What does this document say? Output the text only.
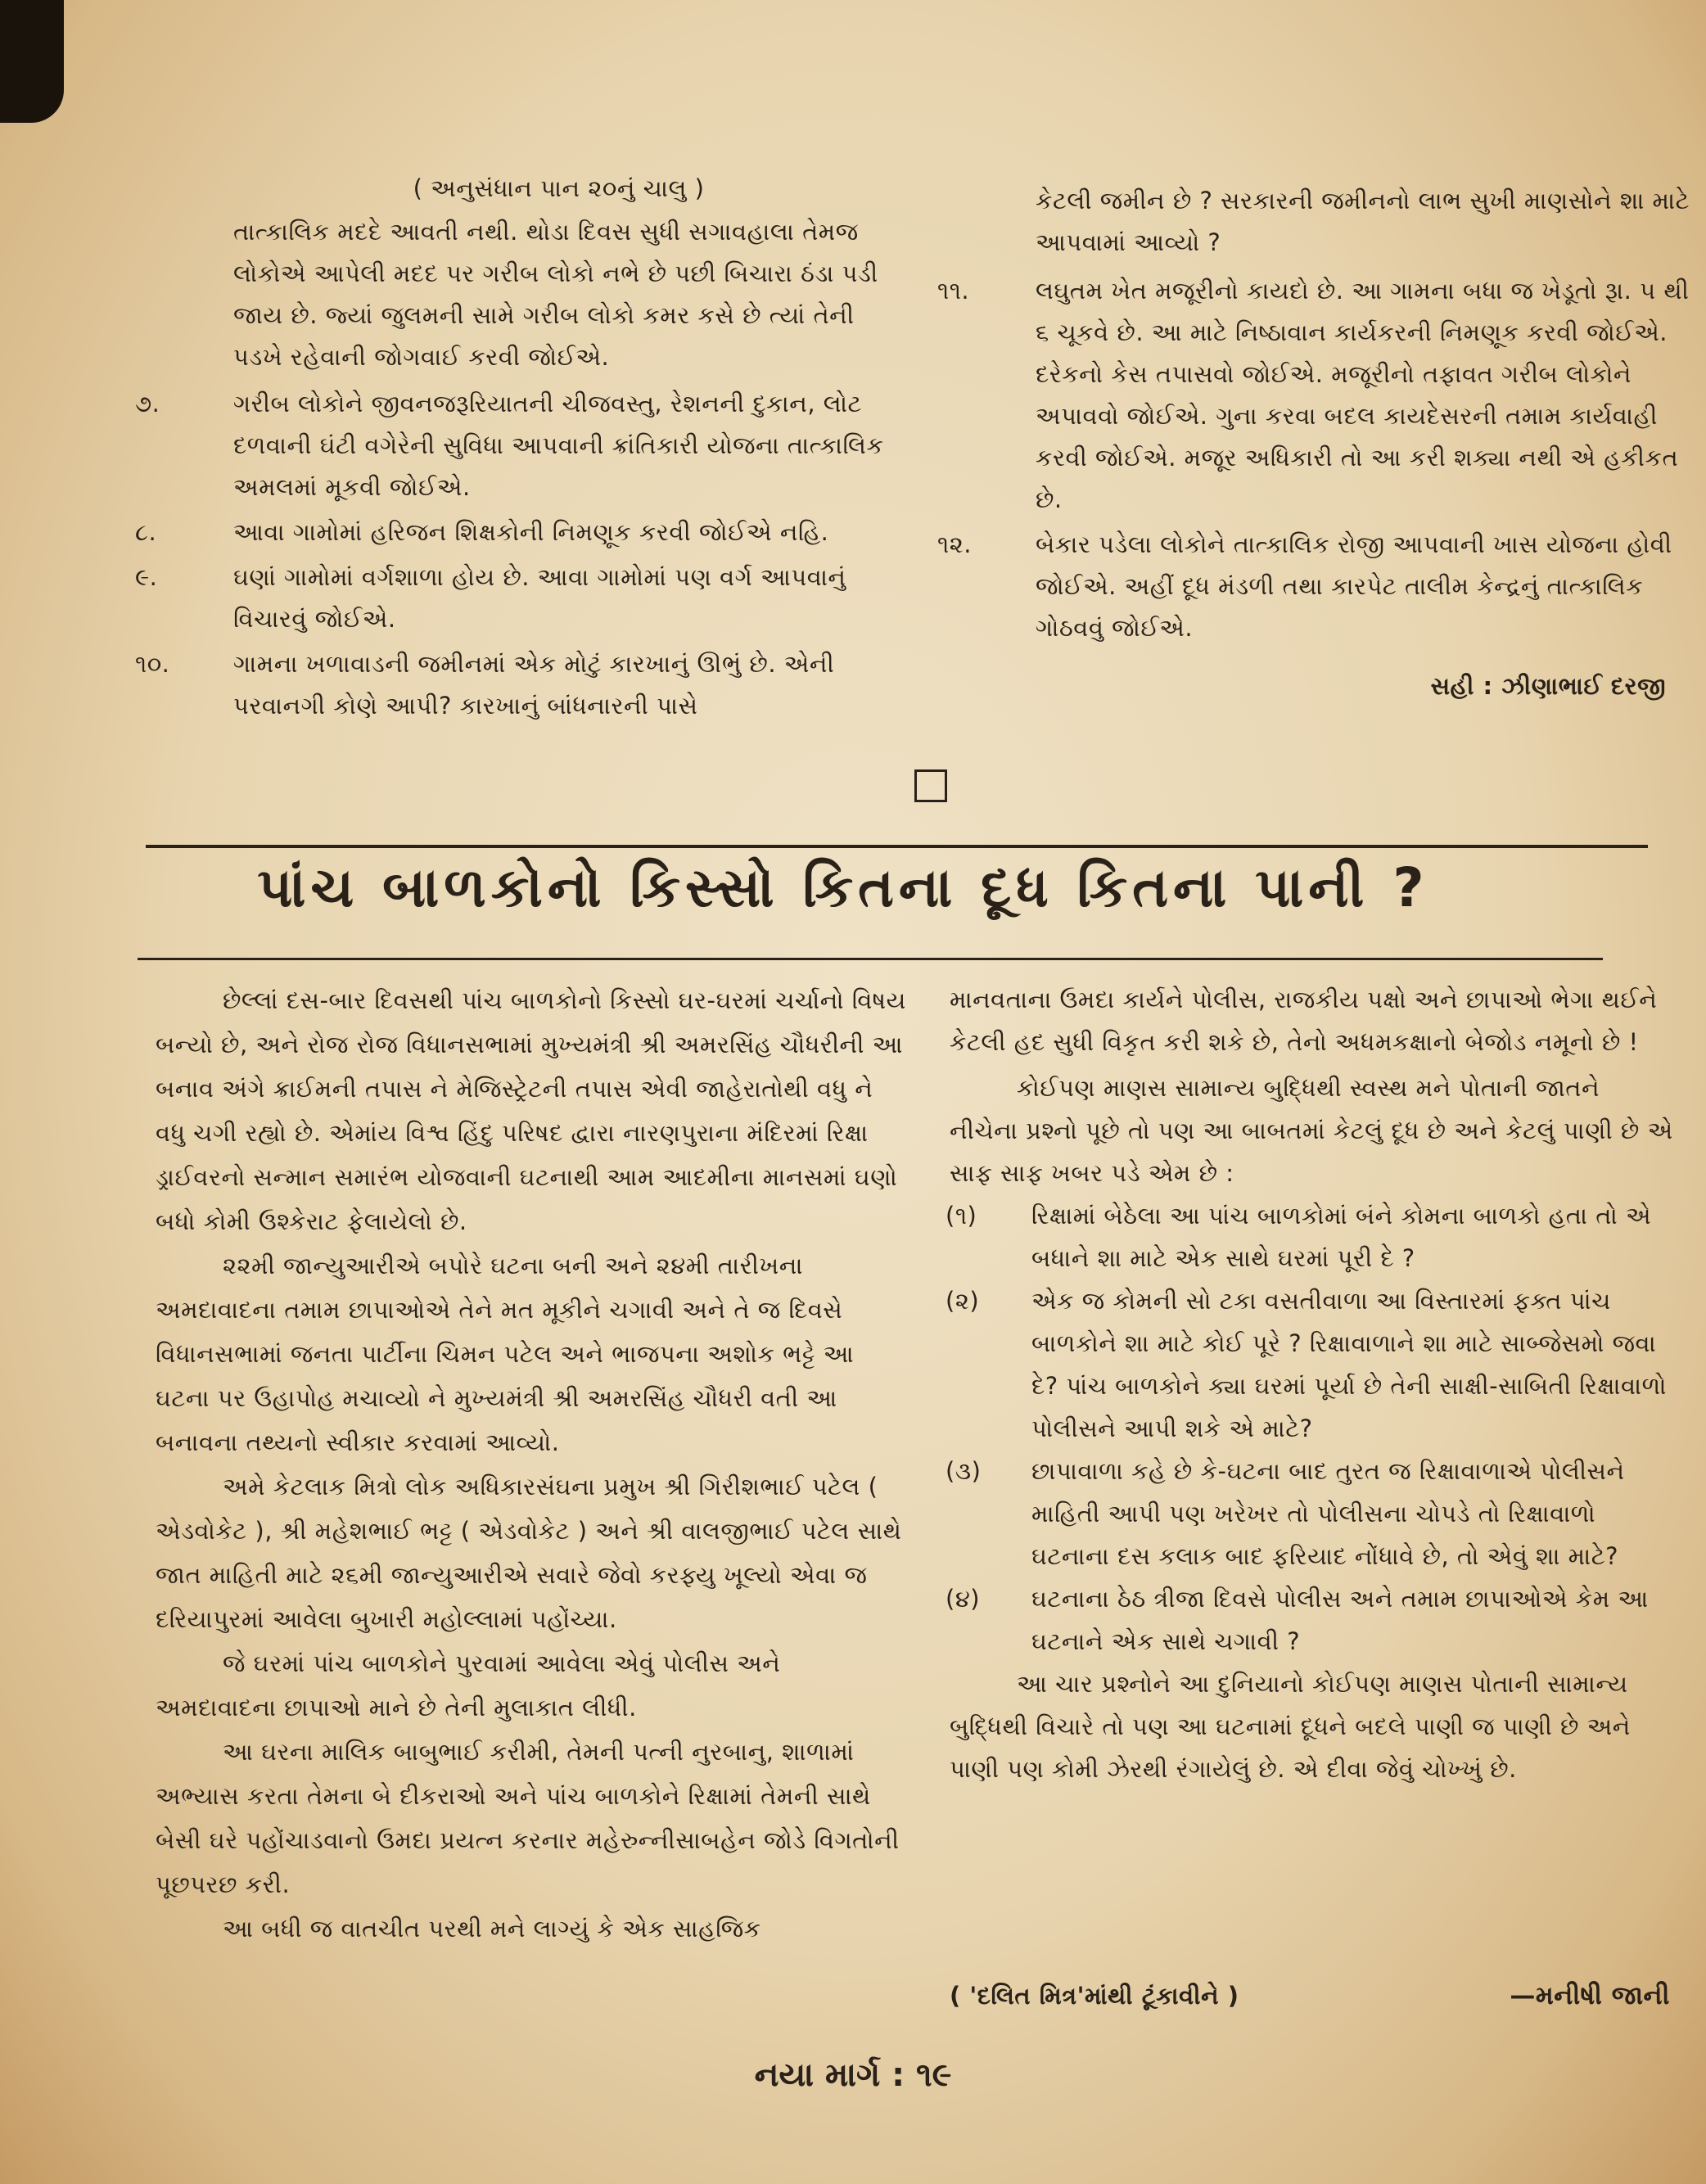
( અનુસંધાન પાન ૨૦નું ચાલુ )
તાત્કાલિક મદદે આવતી નથી. થોડા દિવસ સુધી સગાવહાલા તેમજ લોકોએ આપેલી મદદ પર ગરીબ લોકો નભે છે પછી બિચારા ઠંડા પડી જાય છે. જ્યાં જુલમની સામે ગરીબ લોકો કમર કસે છે ત્યાં તેની પડખે રહેવાની જોગવાઈ કરવી જોઈએ.
૭.	ગરીબ લોકોને જીવનજરૂરિયાતની ચીજવસ્તુ, રેશનની દુકાન, લોટ દળવાની ઘંટી વગેરેની સુવિધા આપવાની ક્રાંતિકારી યોજના તાત્કાલિક અમલમાં મૂકવી જોઈએ.
૮.	આવા ગામોમાં હરિજન શિક્ષકોની નિમણૂક કરવી જોઈએ નહિ.
૯.	ઘણાં ગામોમાં વર્ગશાળા હોય છે. આવા ગામોમાં પણ વર્ગ આપવાનું વિચારવું જોઈએ.
૧૦.	ગામના ખળાવાડની જમીનમાં એક મોટું કારખાનું ઊભું છે. એની પરવાનગી કોણે આપી? કારખાનું બાંધનારની પાસે
કેટલી જમીન છે ? સરકારની જમીનનો લાભ સુખી માણસોને શા માટે આપવામાં આવ્યો ?
૧૧.	લઘુતમ ખેત મજૂરીનો કાયદો છે. આ ગામના બધા જ ખેડૂતો રૂા. ૫ થી ૬ ચૂકવે છે. આ માટે નિષ્ઠાવાન કાર્યકરની નિમણૂક કરવી જોઈએ. દરેકનો કેસ તપાસવો જોઈએ. મજૂરીનો તફાવત ગરીબ લોકોને અપાવવો જોઈએ. ગુના કરવા બદલ કાયદેસરની તમામ કાર્યવાહી કરવી જોઈએ. મજૂર અધિકારી તો આ કરી શક્યા નથી એ હકીકત છે.
૧૨.	બેકાર પડેલા લોકોને તાત્કાલિક રોજી આપવાની ખાસ યોજના હોવી જોઈએ. અહીં દૂધ મંડળી તથા કારપેટ તાલીમ કેન્દ્રનું તાત્કાલિક ગોઠવવું જોઈએ.
સહી : ઝીણાભાઈ દરજી
પાંચ બાળકોનો કિસ્સો કિતના દૂધ કિતના પાની ?
છેલ્લાં દસ-બાર દિવસથી પાંચ બાળકોનો કિસ્સો ઘર-ઘરમાં ચર્ચાનો વિષય બન્યો છે, અને રોજ રોજ વિધાનસભામાં મુખ્યમંત્રી શ્રી અમરસિંહ ચૌધરીની આ બનાવ અંગે ક્રાઈમની તપાસ ને મેજિસ્ટ્રેટની તપાસ એવી જાહેરાતોથી વધુ ને વધુ ચગી રહ્યો છે. એમાંય વિશ્વ હિંદુ પરિષદ દ્વારા નારણપુરાના મંદિરમાં રિક્ષા ડ્રાઈવરનો સન્માન સમારંભ યોજવાની ઘટનાથી આમ આદમીના માનસમાં ઘણો બધો કોમી ઉશ્કેરાટ ફેલાયેલો છે.
૨૨મી જાન્યુઆરીએ બપોરે ઘટના બની અને ૨૪મી તારીખના અમદાવાદના તમામ છાપાઓએ તેને મત મૂકીને ચગાવી અને તે જ દિવસે વિધાનસભામાં જનતા પાર્ટીના ચિમન પટેલ અને ભાજપના અશોક ભટ્ટે આ ઘટના પર ઉહાપોહ મચાવ્યો ને મુખ્યમંત્રી શ્રી અમરસિંહ ચૌધરી વતી આ બનાવના તથ્યનો સ્વીકાર કરવામાં આવ્યો.
અમે કેટલાક મિત્રો લોક અધિકારસંઘના પ્રમુખ શ્રી ગિરીશભાઈ પટેલ ( એડવોકેટ ), શ્રી મહેશભાઈ ભટ્ટ ( એડવોકેટ ) અને શ્રી વાલજીભાઈ પટેલ સાથે જાત માહિતી માટે ૨૬મી જાન્યુઆરીએ સવારે જેવો કરફ્યુ ખૂલ્યો એવા જ દરિયાપુરમાં આવેલા બુખારી મહોલ્લામાં પહોંચ્યા.
જે ઘરમાં પાંચ બાળકોને પુરવામાં આવેલા એવું પોલીસ અને અમદાવાદના છાપાઓ માને છે તેની મુલાકાત લીધી.
આ ઘરના માલિક બાબુભાઈ કરીમી, તેમની પત્ની નુરબાનુ, શાળામાં અભ્યાસ કરતા તેમના બે દીકરાઓ અને પાંચ બાળકોને રિક્ષામાં તેમની સાથે બેસી ઘરે પહોંચાડવાનો ઉમદા પ્રયત્ન કરનાર મહેરુન્નીસાબહેન જોડે વિગતોની પૂછપરછ કરી.
આ બધી જ વાતચીત પરથી મને લાગ્યું કે એક સાહજિક
માનવતાના ઉમદા કાર્યને પોલીસ, રાજકીય પક્ષો અને છાપાઓ ભેગા થઈને કેટલી હદ સુધી વિકૃત કરી શકે છે, તેનો અધમકક્ષાનો બેજોડ નમૂનો છે !
કોઈપણ માણસ સામાન્ય બુદ્ધિથી સ્વસ્થ મને પોતાની જાતને નીચેના પ્રશ્નો પૂછે તો પણ આ બાબતમાં કેટલું દૂધ છે અને કેટલું પાણી છે એ સાફ સાફ ખબર પડે એમ છે :
(૧)	રિક્ષામાં બેઠેલા આ પાંચ બાળકોમાં બંને કોમના બાળકો હતા તો એ બધાને શા માટે એક સાથે ઘરમાં પૂરી દે ?
(૨)	એક જ કોમની સો ટકા વસતીવાળા આ વિસ્તારમાં ફક્ત પાંચ બાળકોને શા માટે કોઈ પૂરે ? રિક્ષાવાળાને શા માટે સાબ્જેસમો જવા દે? પાંચ બાળકોને ક્યા ઘરમાં પૂર્યા છે તેની સાક્ષી-સાબિતી રિક્ષાવાળો પોલીસને આપી શકે એ માટે?
(૩)	છાપાવાળા કહે છે કે-ઘટના બાદ તુરત જ રિક્ષાવાળાએ પોલીસને માહિતી આપી પણ ખરેખર તો પોલીસના ચોપડે તો રિક્ષાવાળો ઘટનાના દસ કલાક બાદ ફરિયાદ નોંધાવે છે, તો એવું શા માટે?
(૪)	ઘટનાના ઠેઠ ત્રીજા દિવસે પોલીસ અને તમામ છાપાઓએ કેમ આ ઘટનાને એક સાથે ચગાવી ?
આ ચાર પ્રશ્નોને આ દુનિયાનો કોઈપણ માણસ પોતાની સામાન્ય બુદ્ધિથી વિચારે તો પણ આ ઘટનામાં દૂધને બદલે પાણી જ પાણી છે અને પાણી પણ કોમી ઝેરથી રંગાયેલું છે. એ દીવા જેવું ચોખ્ખું છે.
( 'દલિત મિત્ર'માંથી ટૂંકાવીને )	—મનીષી જાની
નયા માર્ગ : ૧૯
